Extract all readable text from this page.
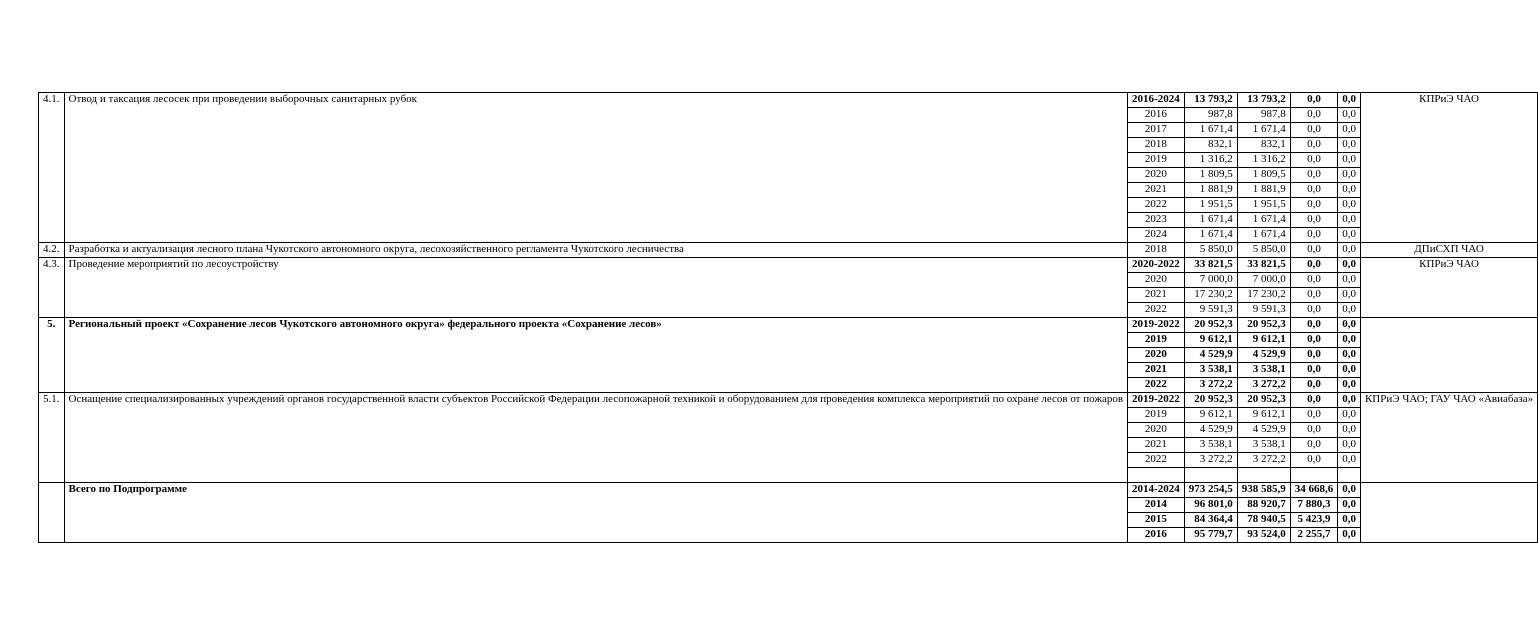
4.1.	Отвод и таксация лесосек при проведении выборочных санитарных рубок	2016-2024	13 793,2	13 793,2	0,0	0,0	КПРиЭ ЧАО
		2016	987,8	987,8	0,0	0,0	
		2017	1 671,4	1 671,4	0,0	0,0	
		2018	832,1	832,1	0,0	0,0	
		2019	1 316,2	1 316,2	0,0	0,0	
		2020	1 809,5	1 809,5	0,0	0,0	
		2021	1 881,9	1 881,9	0,0	0,0	
		2022	1 951,5	1 951,5	0,0	0,0	
		2023	1 671,4	1 671,4	0,0	0,0	
		2024	1 671,4	1 671,4	0,0	0,0	
4.2.	Разработка и актуализация лесного плана Чукотского автономного округа, лесохозяйственного регламента Чукотского лесничества	2018	5 850,0	5 850,0	0,0	0,0	ДПиСХП ЧАО
4.3.	Проведение мероприятий по лесоустройству	2020-2022	33 821,5	33 821,5	0,0	0,0	КПРиЭ ЧАО
		2020	7 000,0	7 000,0	0,0	0,0	
		2021	17 230,2	17 230,2	0,0	0,0	
		2022	9 591,3	9 591,3	0,0	0,0	
5.	Региональный проект «Сохранение лесов Чукотского автономного округа» федерального проекта «Сохранение лесов»	2019-2022	20 952,3	20 952,3	0,0	0,0	
		2019	9 612,1	9 612,1	0,0	0,0	
		2020	4 529,9	4 529,9	0,0	0,0	
		2021	3 538,1	3 538,1	0,0	0,0	
		2022	3 272,2	3 272,2	0,0	0,0	
5.1.	Оснащение специализированных учреждений органов государственной власти субъектов Российской Федерации лесопожарной техникой и оборудованием для проведения комплекса мероприятий по охране лесов от пожаров	2019-2022	20 952,3	20 952,3	0,0	0,0	КПРиЭ ЧАО; ГАУ ЧАО «Авиабаза»
		2019	9 612,1	9 612,1	0,0	0,0	
		2020	4 529,9	4 529,9	0,0	0,0	
		2021	3 538,1	3 538,1	0,0	0,0	
		2022	3 272,2	3 272,2	0,0	0,0	

	Всего по Подпрограмме	2014-2024	973 254,5	938 585,9	34 668,6	0,0	
		2014	96 801,0	88 920,7	7 880,3	0,0	
		2015	84 364,4	78 940,5	5 423,9	0,0	
		2016	95 779,7	93 524,0	2 255,7	0,0	
